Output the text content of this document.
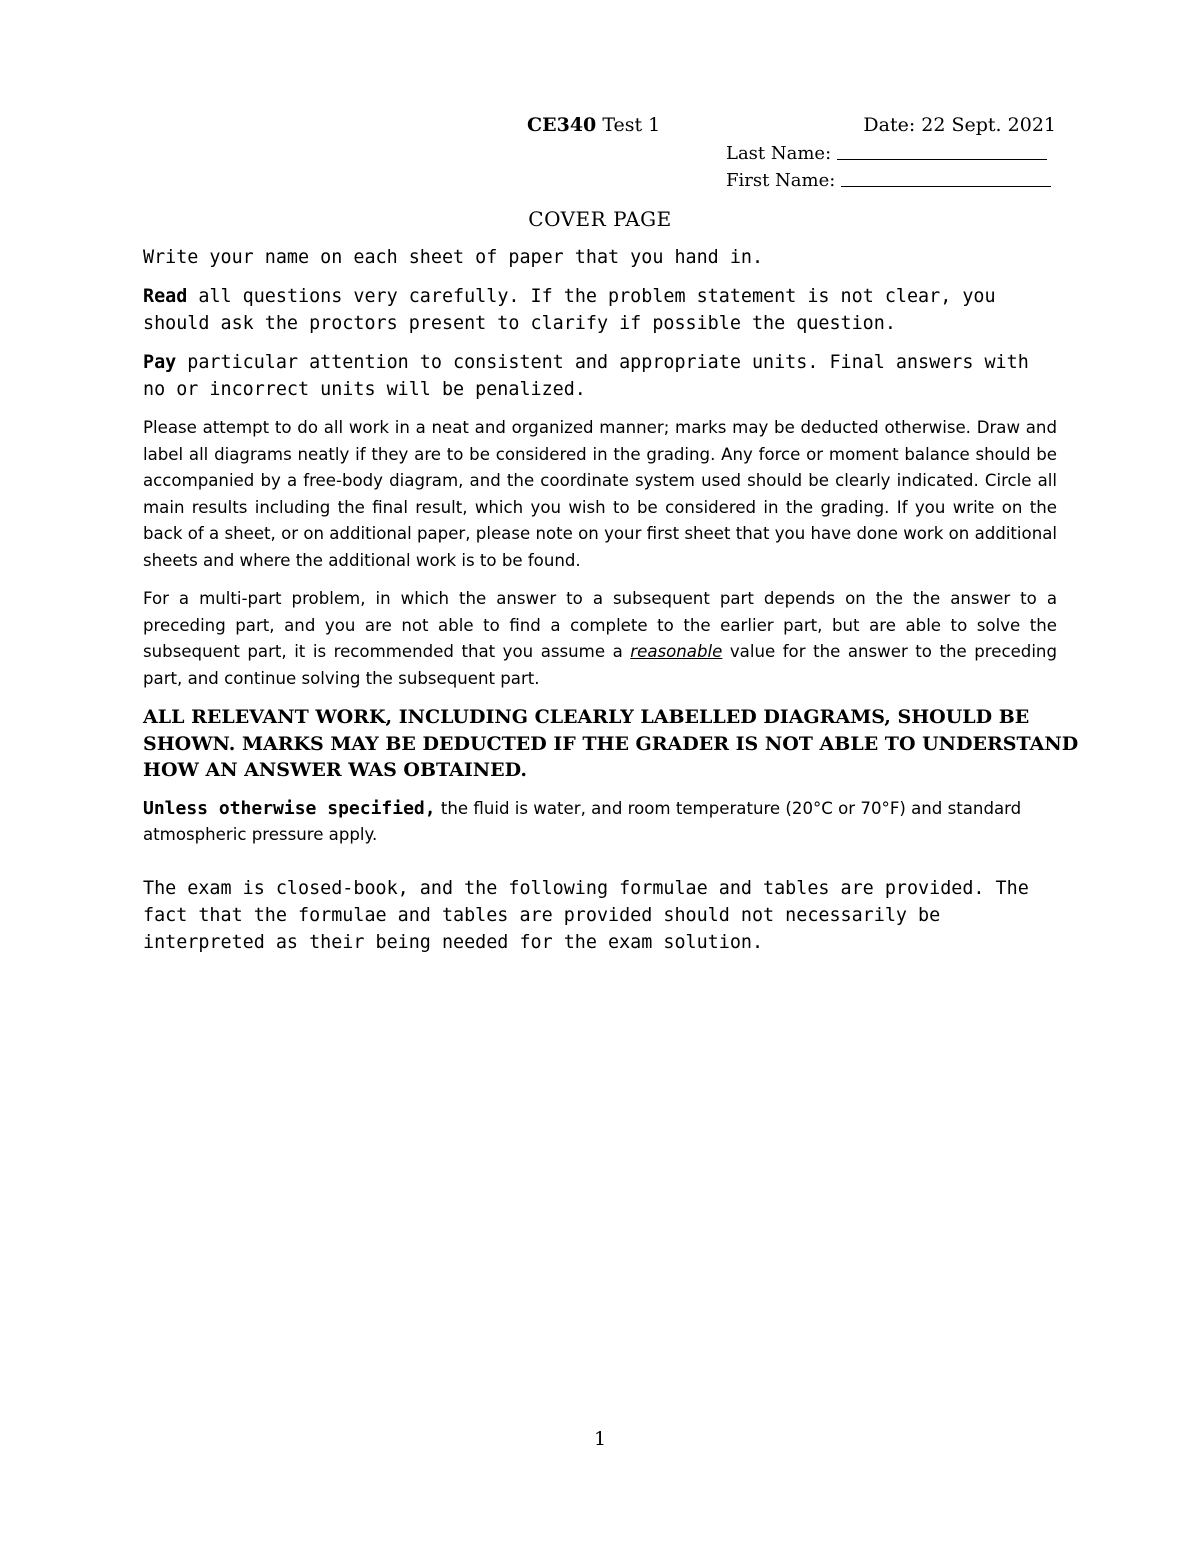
CE340 Test 1	Date: 22 Sept. 2021
Last Name:
First Name:
COVER PAGE

Write your name on each sheet of paper that you hand in.

Read all questions very carefully. If the problem statement is not clear, you should ask the proctors present to clarify if possible the question.

Pay particular attention to consistent and appropriate units. Final answers with no or incorrect units will be penalized.

Please attempt to do all work in a neat and organized manner; marks may be deducted otherwise. Draw and label all diagrams neatly if they are to be considered in the grading. Any force or moment balance should be accompanied by a free-body diagram, and the coordinate system used should be clearly indicated. Circle all main results including the final result, which you wish to be considered in the grading. If you write on the back of a sheet, or on additional paper, please note on your first sheet that you have done work on additional sheets and where the additional work is to be found.

For a multi-part problem, in which the answer to a subsequent part depends on the the answer to a preceding part, and you are not able to find a complete to the earlier part, but are able to solve the subsequent part, it is recommended that you assume a reasonable value for the answer to the preceding part, and continue solving the subsequent part.

ALL RELEVANT WORK, INCLUDING CLEARLY LABELLED DIAGRAMS, SHOULD BE SHOWN. MARKS MAY BE DEDUCTED IF THE GRADER IS NOT ABLE TO UNDERSTAND HOW AN ANSWER WAS OBTAINED.

Unless otherwise specified, the fluid is water, and room temperature (20°C or 70°F) and standard atmospheric pressure apply.

The exam is closed-book, and the following formulae and tables are provided. The fact that the formulae and tables are provided should not necessarily be interpreted as their being needed for the exam solution.

1
